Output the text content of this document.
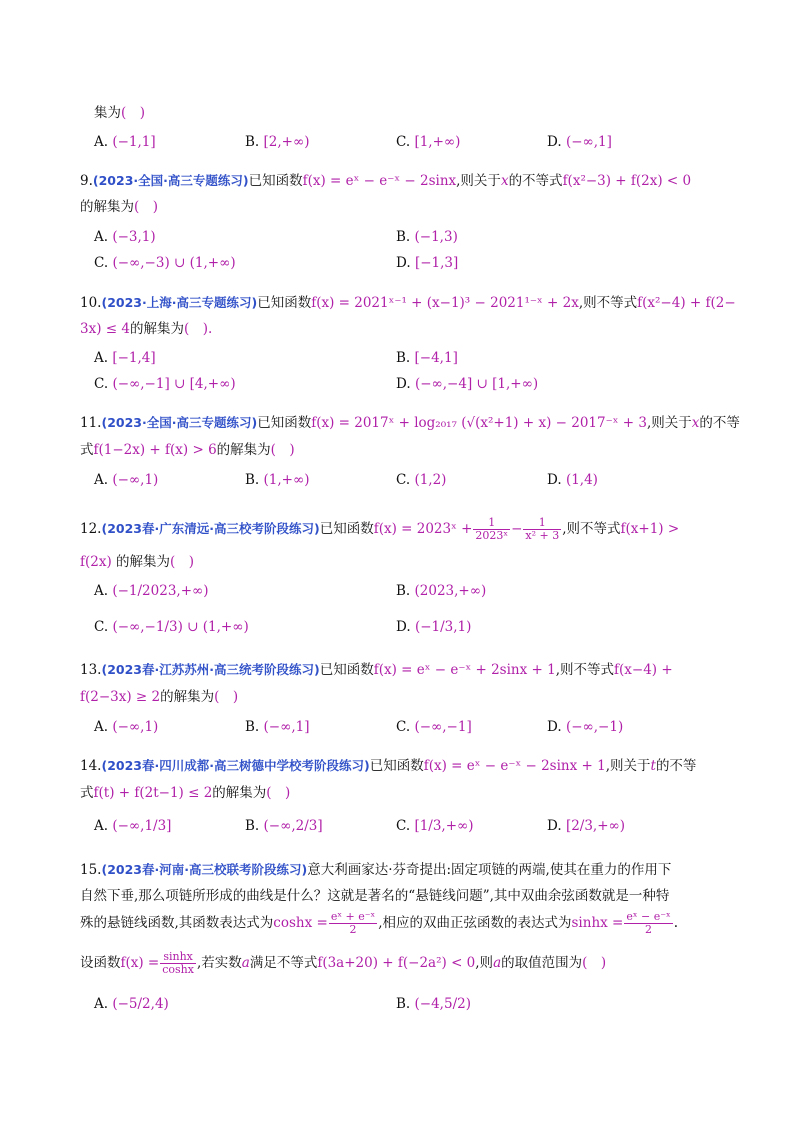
集为(　)
A. (−1,1]	B. [2,+∞)	C. [1,+∞)	D. (−∞,1]
9.(2023·全国·高三专题练习)已知函数f(x) = eˣ − e⁻ˣ − 2sinx,则关于x的不等式f(x²−3) + f(2x) < 0
的解集为(　)
A. (−3,1)	B. (−1,3)
C. (−∞,−3) ∪ (1,+∞)	D. [−1,3]
10.(2023·上海·高三专题练习)已知函数f(x) = 2021ˣ⁻¹ + (x−1)³ − 2021¹⁻ˣ + 2x,则不等式f(x²−4) + f(2−
3x) ≤ 4的解集为(　).
A. [−1,4]	B. [−4,1]
C. (−∞,−1] ∪ [4,+∞)	D. (−∞,−4] ∪ [1,+∞)
11.(2023·全国·高三专题练习)已知函数f(x) = 2017ˣ + log₂₀₁₇ (√(x²+1) + x) − 2017⁻ˣ + 3,则关于x的不等
式f(1−2x) + f(x) > 6的解集为(　)
A. (−∞,1)	B. (1,+∞)	C. (1,2)	D. (1,4)
12.(2023春·广东清远·高三校考阶段练习)已知函数f(x) = 2023ˣ + $\frac{1}{\text{2023ˣ}} - \frac{1}{\text{x² + 3}}$ ,则不等式f(x+1) >
f(2x) 的解集为(　)
A. (−1/2023,+∞)	B. (2023,+∞)
C. (−∞,−1/3) ∪ (1,+∞)	D. (−1/3,1)
13.(2023春·江苏苏州·高三统考阶段练习)已知函数f(x) = eˣ − e⁻ˣ + 2sinx + 1,则不等式f(x−4) +
f(2−3x) ≥ 2的解集为(　)
A. (−∞,1)	B. (−∞,1]	C. (−∞,−1]	D. (−∞,−1)
14.(2023春·四川成都·高三树德中学校考阶段练习)已知函数f(x) = eˣ − e⁻ˣ − 2sinx + 1,则关于t的不等
式f(t) + f(2t−1) ≤ 2的解集为(　)
A. (−∞,1/3]	B. (−∞,2/3]	C. [1/3,+∞)	D. [2/3,+∞)
15.(2023春·河南·高三校联考阶段练习)意大利画家达·芬奇提出:固定项链的两端,使其在重力的作用下
自然下垂,那么项链所形成的曲线是什么？这就是著名的“悬链线问题”,其中双曲余弦函数就是一种特
殊的悬链线函数,其函数表达式为$\cosh x = \frac{\text{eˣ + e⁻ˣ}}{2}$ ,相应的双曲正弦函数的表达式为$\sinh x = \frac{\text{eˣ − e⁻ˣ}}{2}$ .
设函数$f(x) = \frac{\sinh x}{\cosh x}$ ,若实数a满足不等式f(3a+20) + f(−2a²) < 0,则a的取值范围为(　)
A. (−5/2,4)	B. (−4,5/2)
